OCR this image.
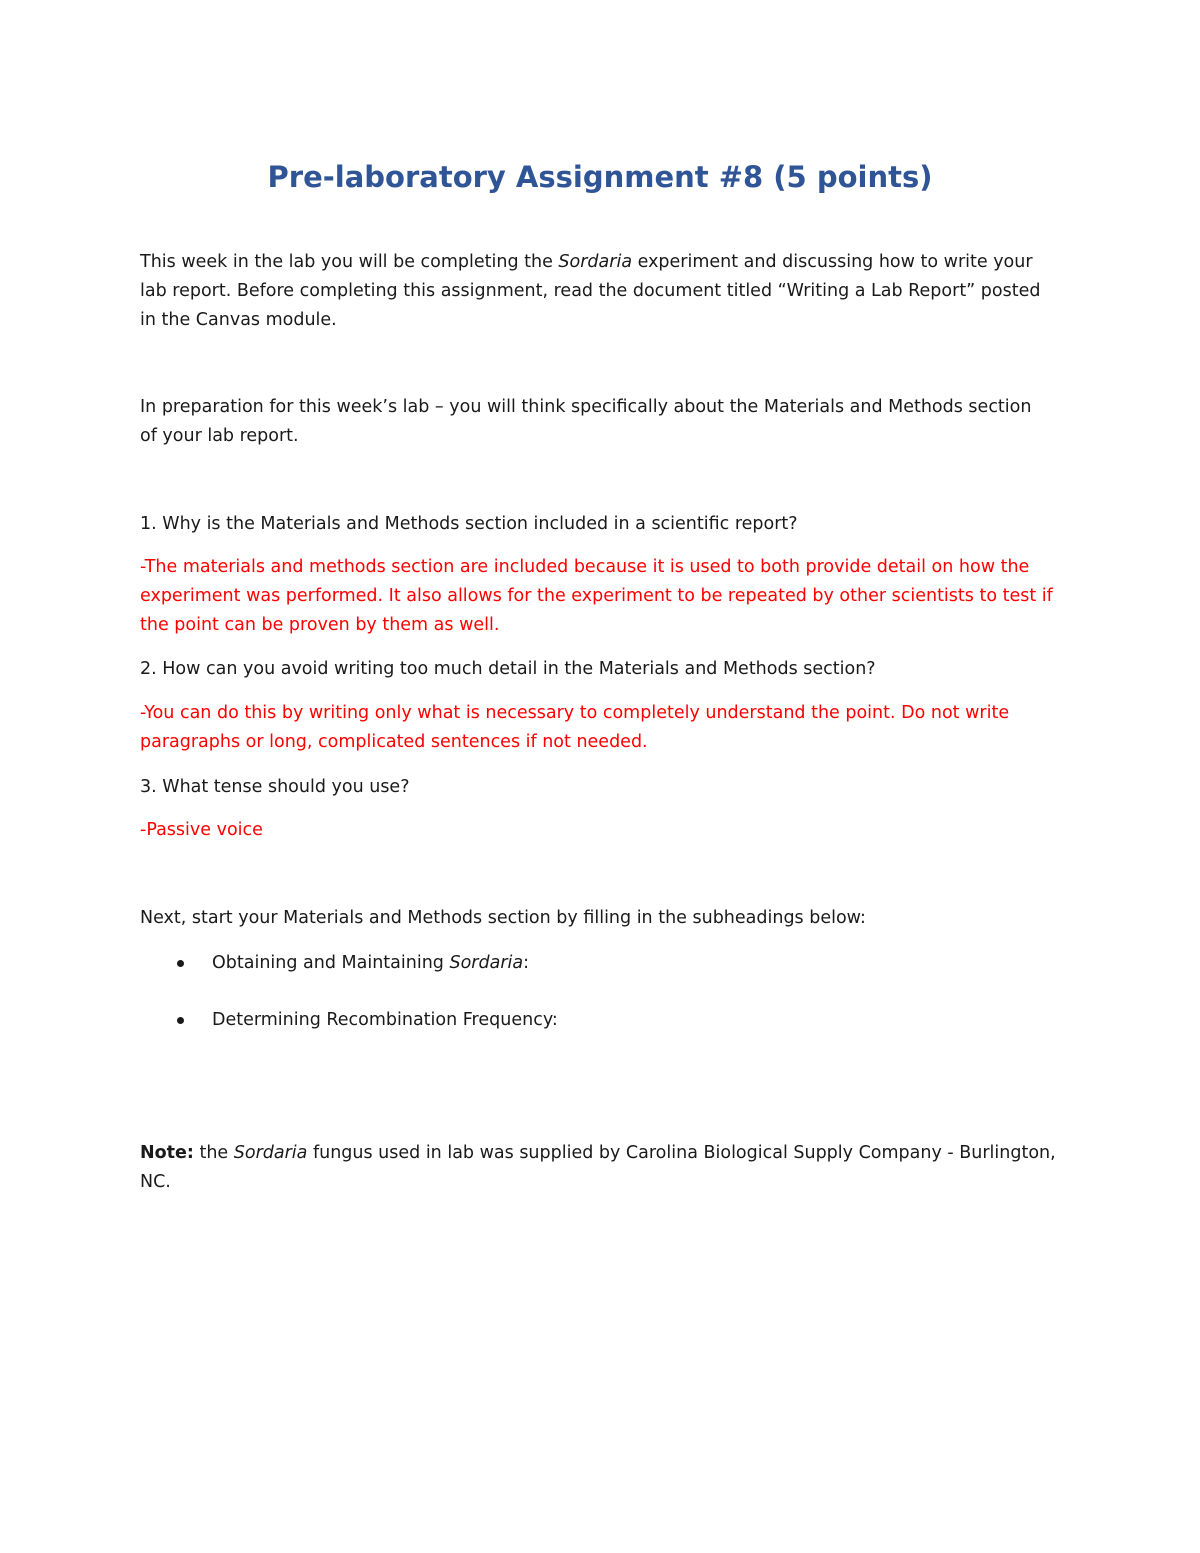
Pre-laboratory Assignment #8 (5 points)

This week in the lab you will be completing the Sordaria experiment and discussing how to write your
lab report. Before completing this assignment, read the document titled “Writing a Lab Report” posted
in the Canvas module.

In preparation for this week’s lab – you will think specifically about the Materials and Methods section
of your lab report.

1. Why is the Materials and Methods section included in a scientific report?

-The materials and methods section are included because it is used to both provide detail on how the
experiment was performed. It also allows for the experiment to be repeated by other scientists to test if
the point can be proven by them as well.

2. How can you avoid writing too much detail in the Materials and Methods section?

-You can do this by writing only what is necessary to completely understand the point. Do not write
paragraphs or long, complicated sentences if not needed.

3. What tense should you use?

-Passive voice

Next, start your Materials and Methods section by filling in the subheadings below:

Obtaining and Maintaining Sordaria:
Determining Recombination Frequency:

Note: the Sordaria fungus used in lab was supplied by Carolina Biological Supply Company - Burlington,
NC.
